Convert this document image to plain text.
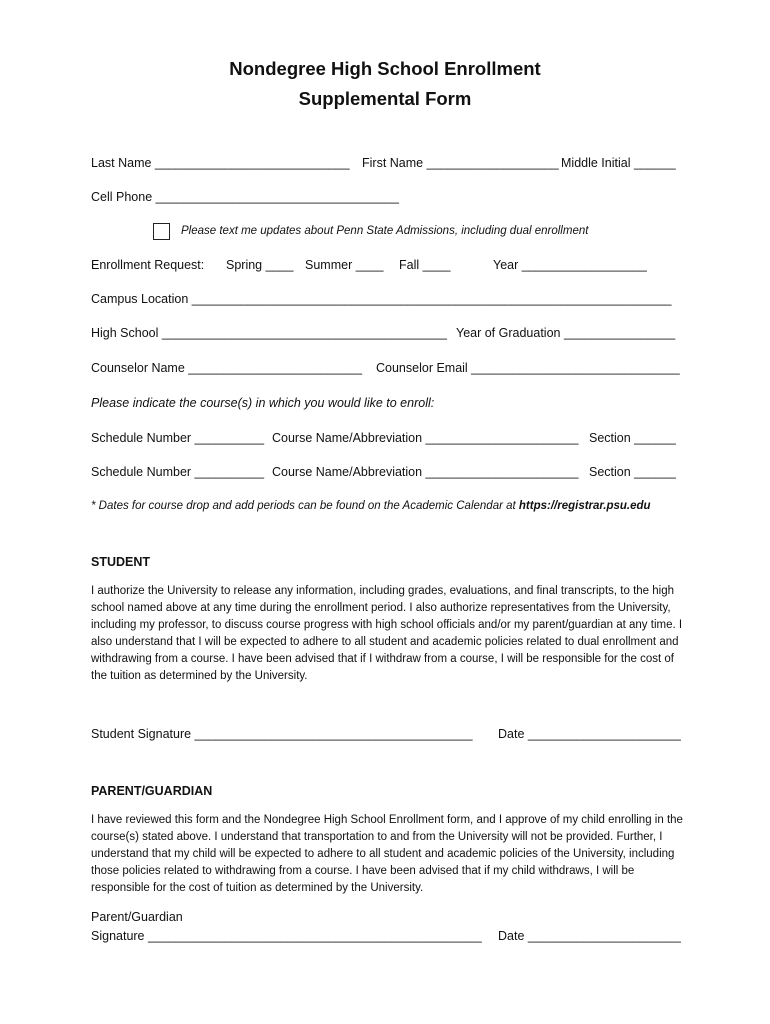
Nondegree High School Enrollment
Supplemental Form
Last Name ____________________________ First Name ___________________ Middle Initial ______
Cell Phone ___________________________________
Please text me updates about Penn State Admissions, including dual enrollment
Enrollment Request: Spring ____ Summer ____ Fall ____	Year __________________
Campus Location _____________________________________________________________________
High School _________________________________________ Year of Graduation ________________
Counselor Name _________________________ Counselor Email ______________________________
Please indicate the course(s) in which you would like to enroll:
Schedule Number __________ Course Name/Abbreviation ______________________ Section ______
Schedule Number __________ Course Name/Abbreviation ______________________ Section ______
* Dates for course drop and add periods can be found on the Academic Calendar at https://registrar.psu.edu
STUDENT
I authorize the University to release any information, including grades, evaluations, and final transcripts, to the high school named above at any time during the enrollment period. I also authorize representatives from the University, including my professor, to discuss course progress with high school officials and/or my parent/guardian at any time. I also understand that I will be expected to adhere to all student and academic policies related to dual enrollment and withdrawing from a course. I have been advised that if I withdraw from a course, I will be responsible for the cost of the tuition as determined by the University.
Student Signature ________________________________________ Date ______________________
PARENT/GUARDIAN
I have reviewed this form and the Nondegree High School Enrollment form, and I approve of my child enrolling in the course(s) stated above. I understand that transportation to and from the University will not be provided. Further, I understand that my child will be expected to adhere to all student and academic policies of the University, including those policies related to withdrawing from a course. I have been advised that if my child withdraws, I will be responsible for the cost of tuition as determined by the University.
Parent/Guardian
Signature ________________________________________________ Date ______________________
